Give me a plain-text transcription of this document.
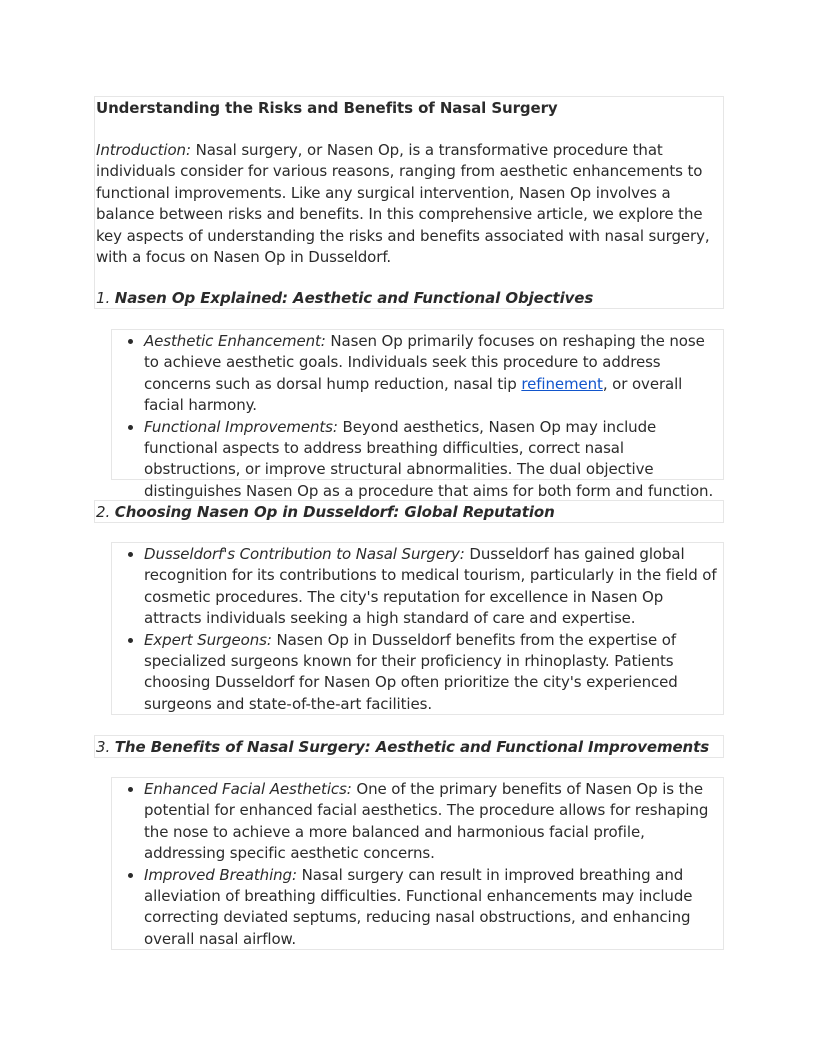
Understanding the Risks and Benefits of Nasal Surgery
Introduction: Nasal surgery, or Nasen Op, is a transformative procedure that individuals consider for various reasons, ranging from aesthetic enhancements to functional improvements. Like any surgical intervention, Nasen Op involves a balance between risks and benefits. In this comprehensive article, we explore the key aspects of understanding the risks and benefits associated with nasal surgery, with a focus on Nasen Op in Dusseldorf.
1. Nasen Op Explained: Aesthetic and Functional Objectives
• Aesthetic Enhancement: Nasen Op primarily focuses on reshaping the nose to achieve aesthetic goals. Individuals seek this procedure to address concerns such as dorsal hump reduction, nasal tip refinement, or overall facial harmony.
• Functional Improvements: Beyond aesthetics, Nasen Op may include functional aspects to address breathing difficulties, correct nasal obstructions, or improve structural abnormalities. The dual objective distinguishes Nasen Op as a procedure that aims for both form and function.
2. Choosing Nasen Op in Dusseldorf: Global Reputation
• Dusseldorf's Contribution to Nasal Surgery: Dusseldorf has gained global recognition for its contributions to medical tourism, particularly in the field of cosmetic procedures. The city's reputation for excellence in Nasen Op attracts individuals seeking a high standard of care and expertise.
• Expert Surgeons: Nasen Op in Dusseldorf benefits from the expertise of specialized surgeons known for their proficiency in rhinoplasty. Patients choosing Dusseldorf for Nasen Op often prioritize the city's experienced surgeons and state-of-the-art facilities.
3. The Benefits of Nasal Surgery: Aesthetic and Functional Improvements
• Enhanced Facial Aesthetics: One of the primary benefits of Nasen Op is the potential for enhanced facial aesthetics. The procedure allows for reshaping the nose to achieve a more balanced and harmonious facial profile, addressing specific aesthetic concerns.
• Improved Breathing: Nasal surgery can result in improved breathing and alleviation of breathing difficulties. Functional enhancements may include correcting deviated septums, reducing nasal obstructions, and enhancing overall nasal airflow.
